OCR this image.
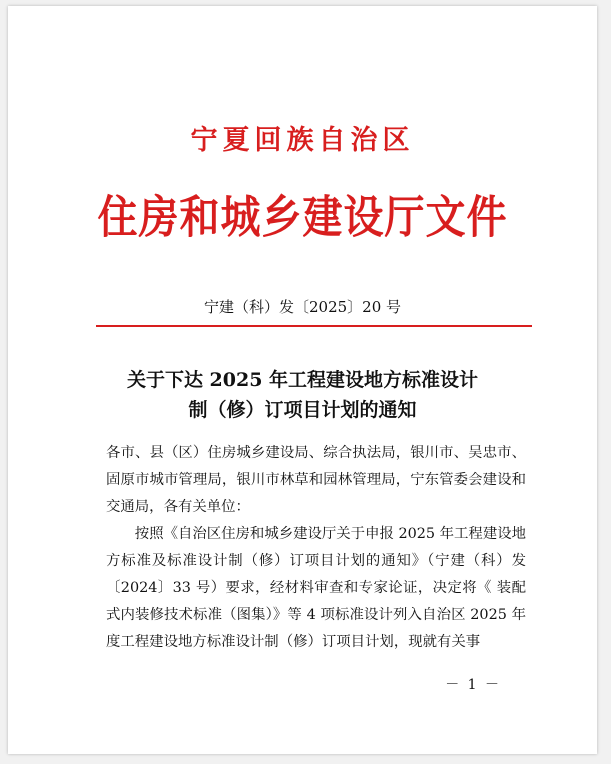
宁夏回族自治区
住房和城乡建设厅文件
宁建（科）发〔2025〕20 号
关于下达 2025 年工程建设地方标准设计
制（修）订项目计划的通知

各市、县（区）住房城乡建设局、综合执法局，银川市、吴忠市、固原市城市管理局，银川市林草和园林管理局，宁东管委会建设和交通局，各有关单位：

按照《自治区住房和城乡建设厅关于申报 2025 年工程建设地方标准及标准设计制（修）订项目计划的通知》（宁建（科）发〔2024〕33 号）要求，经材料审查和专家论证，决定将《 装配式内装修技术标准（图集）》等 4 项标准设计列入自治区 2025 年度工程建设地方标准设计制（修）订项目计划，现就有关事

－ 1 －
